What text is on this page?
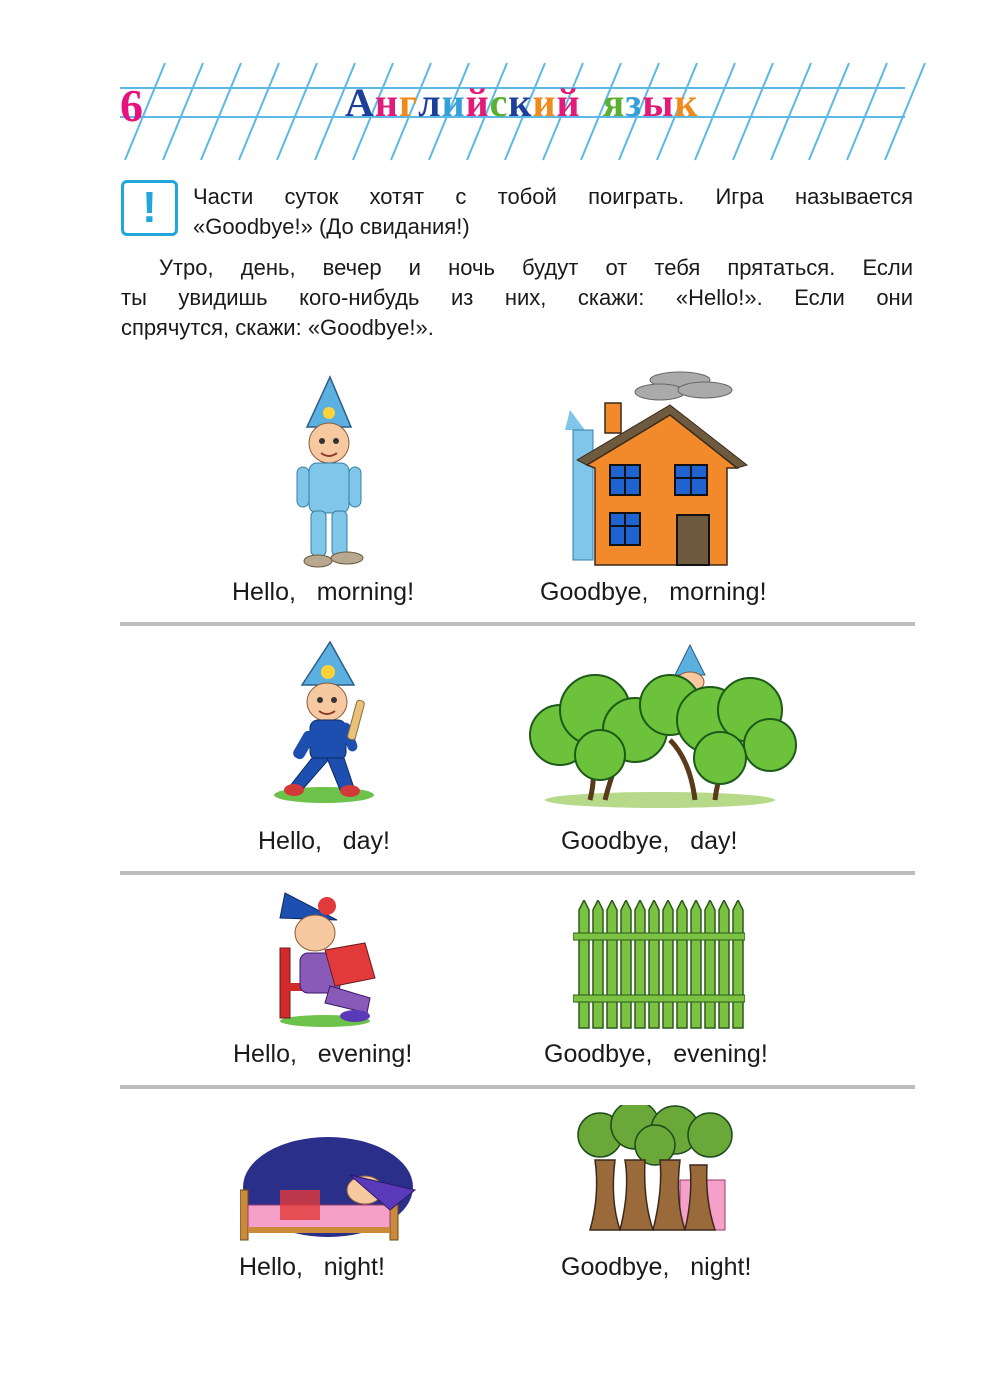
6	Английский язык
! Части суток хотят с тобой поиграть. Игра называется
«Goodbye!» (До свидания!)
Утро, день, вечер и ночь будут от тебя прятаться. Если
ты увидишь кого-нибудь из них, скажи: «Hello!». Если они
спрячутся, скажи: «Goodbye!».
Hello,   morning!	Goodbye,   morning!
Hello,   day!	Goodbye,   day!
Hello,   evening!	Goodbye,   evening!
Hello,   night!	Goodbye,   night!
